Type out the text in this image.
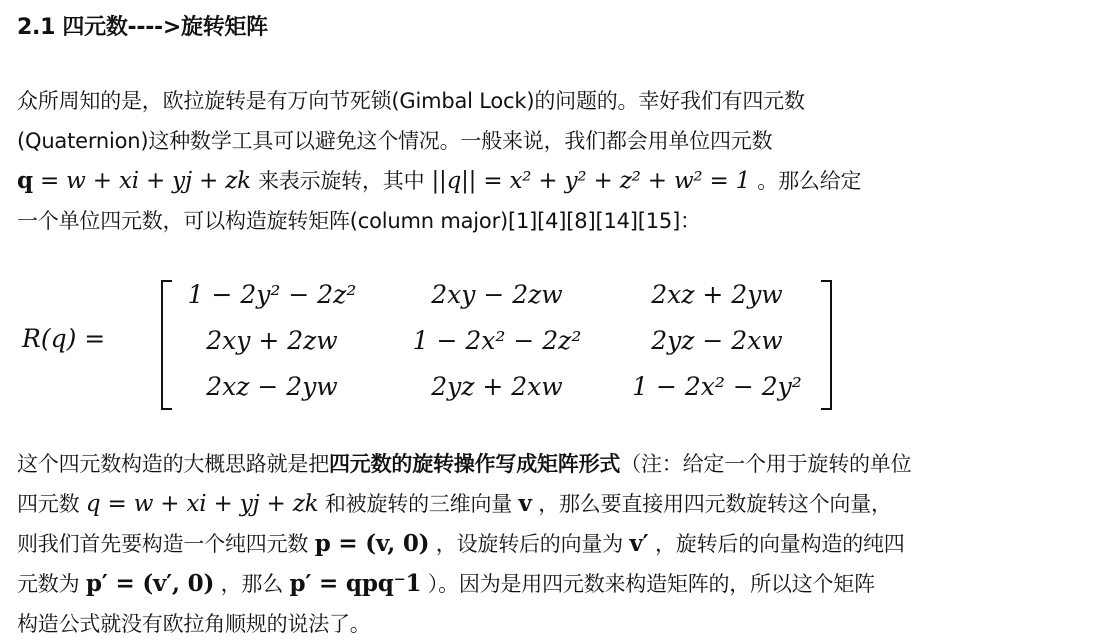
2.1 四元数---->旋转矩阵
众所周知的是，欧拉旋转是有万向节死锁(Gimbal Lock)的问题的。幸好我们有四元数
(Quaternion)这种数学工具可以避免这个情况。一般来说，我们都会用单位四元数
q = w + xi + yj + zk 来表示旋转，其中 ||q|| = x² + y² + z² + w² = 1 。那么给定
一个单位四元数，可以构造旋转矩阵(column major)[1][4][8][14][15]：
R(q) =
1 − 2y² − 2z²	2xy − 2zw	2xz + 2yw
2xy + 2zw	1 − 2x² − 2z²	2yz − 2xw
2xz − 2yw	2yz + 2xw	1 − 2x² − 2y²
这个四元数构造的大概思路就是把四元数的旋转操作写成矩阵形式（注：给定一个用于旋转的单位
四元数 q = w + xi + yj + zk 和被旋转的三维向量 v ，那么要直接用四元数旋转这个向量，
则我们首先要构造一个纯四元数 p = (v, 0) ，设旋转后的向量为 v′ ，旋转后的向量构造的纯四
元数为 p′ = (v′, 0) ，那么 p′ = qpq⁻1 ）。因为是用四元数来构造矩阵的，所以这个矩阵
构造公式就没有欧拉角顺规的说法了。
